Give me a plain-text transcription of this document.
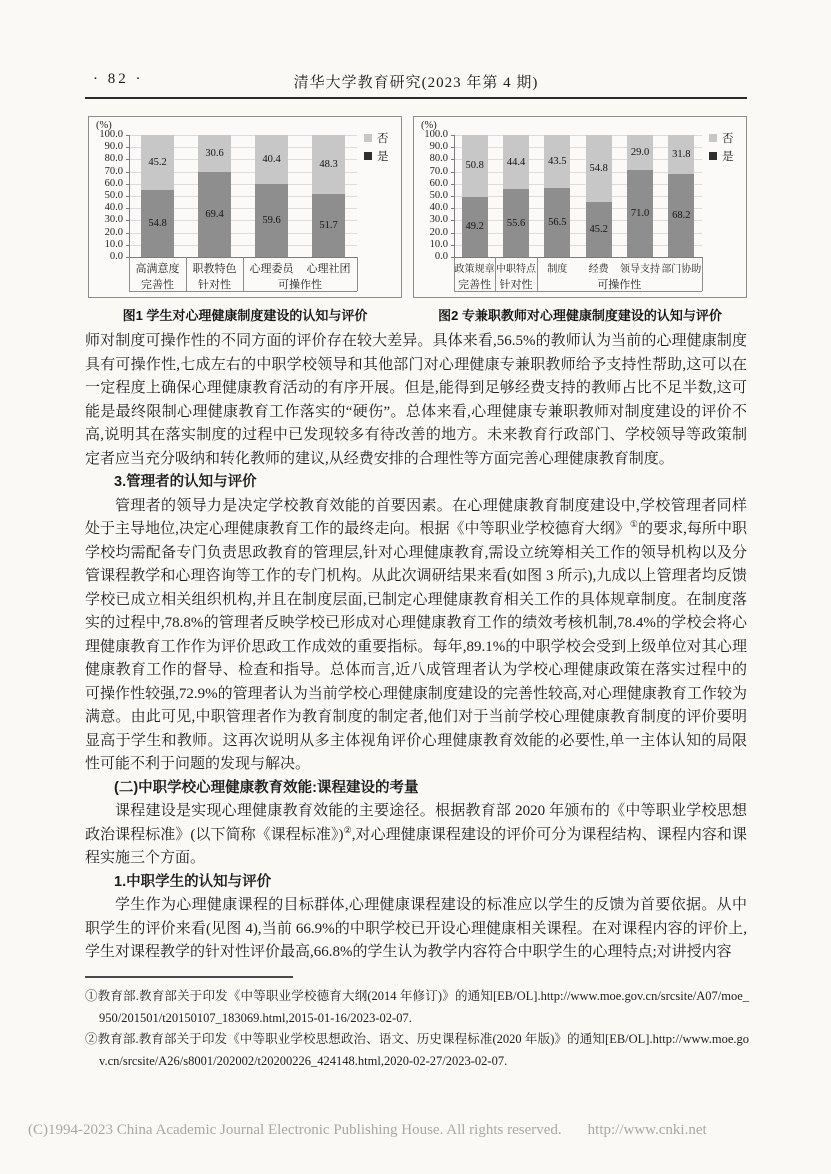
· 82 ·	清华大学教育研究(2023 年第 4 期)
(%)
0.0
10.0
20.0
30.0
40.0
50.0
60.0
70.0
80.0
90.0
100.0
54.8
45.2
高满意度
69.4
30.6
职教特色
59.6
40.4
心理委员
51.7
48.3
心理社团
完善性	针对性	可操作性
否
是
图1 学生对心理健康制度建设的认知与评价
(%)
0.0
10.0
20.0
30.0
40.0
50.0
60.0
70.0
80.0
90.0
100.0
49.2
50.8
政策规章
55.6
44.4
中职特点
56.5
43.5
制度
45.2
54.8
经费
71.0
29.0
领导支持
68.2
31.8
部门协助
完善性 针对性	可操作性
否
是
图2 专兼职教师对心理健康制度建设的认知与评价

师对制度可操作性的不同方面的评价存在较大差异。具体来看,56.5%的教师认为当前的心理健康制度具有可操作性,七成左右的中职学校领导和其他部门对心理健康专兼职教师给予支持性帮助,这可以在一定程度上确保心理健康教育活动的有序开展。但是,能得到足够经费支持的教师占比不足半数,这可能是最终限制心理健康教育工作落实的“硬伤”。总体来看,心理健康专兼职教师对制度建设的评价不高,说明其在落实制度的过程中已发现较多有待改善的地方。未来教育行政部门、学校领导等政策制定者应当充分吸纳和转化教师的建议,从经费安排的合理性等方面完善心理健康教育制度。

3.管理者的认知与评价

管理者的领导力是决定学校教育效能的首要因素。在心理健康教育制度建设中,学校管理者同样处于主导地位,决定心理健康教育工作的最终走向。根据《中等职业学校德育大纲》①的要求,每所中职学校均需配备专门负责思政教育的管理层,针对心理健康教育,需设立统筹相关工作的领导机构以及分管课程教学和心理咨询等工作的专门机构。从此次调研结果来看(如图 3 所示),九成以上管理者均反馈学校已成立相关组织机构,并且在制度层面,已制定心理健康教育相关工作的具体规章制度。在制度落实的过程中,78.8%的管理者反映学校已形成对心理健康教育工作的绩效考核机制,78.4%的学校会将心理健康教育工作作为评价思政工作成效的重要指标。每年,89.1%的中职学校会受到上级单位对其心理健康教育工作的督导、检查和指导。总体而言,近八成管理者认为学校心理健康政策在落实过程中的可操作性较强,72.9%的管理者认为当前学校心理健康制度建设的完善性较高,对心理健康教育工作较为满意。由此可见,中职管理者作为教育制度的制定者,他们对于当前学校心理健康教育制度的评价要明显高于学生和教师。这再次说明从多主体视角评价心理健康教育效能的必要性,单一主体认知的局限性可能不利于问题的发现与解决。

(二)中职学校心理健康教育效能:课程建设的考量

课程建设是实现心理健康教育效能的主要途径。根据教育部 2020 年颁布的《中等职业学校思想政治课程标准》(以下简称《课程标准》)②,对心理健康课程建设的评价可分为课程结构、课程内容和课程实施三个方面。

1.中职学生的认知与评价

学生作为心理健康课程的目标群体,心理健康课程建设的标准应以学生的反馈为首要依据。从中职学生的评价来看(见图 4),当前 66.9%的中职学校已开设心理健康相关课程。在对课程内容的评价上,学生对课程教学的针对性评价最高,66.8%的学生认为教学内容符合中职学生的心理特点;对讲授内容

①教育部.教育部关于印发《中等职业学校德育大纲(2014 年修订)》的通知[EB/OL].http://www.moe.gov.cn/srcsite/A07/moe_950/201501/t20150107_183069.html,2015-01-16/2023-02-07.
②教育部.教育部关于印发《中等职业学校思想政治、语文、历史课程标准(2020 年版)》的通知[EB/OL].http://www.moe.gov.cn/srcsite/A26/s8001/202002/t20200226_424148.html,2020-02-27/2023-02-07.
(C)1994-2023 China Academic Journal Electronic Publishing House. All rights reserved. http://www.cnki.net
